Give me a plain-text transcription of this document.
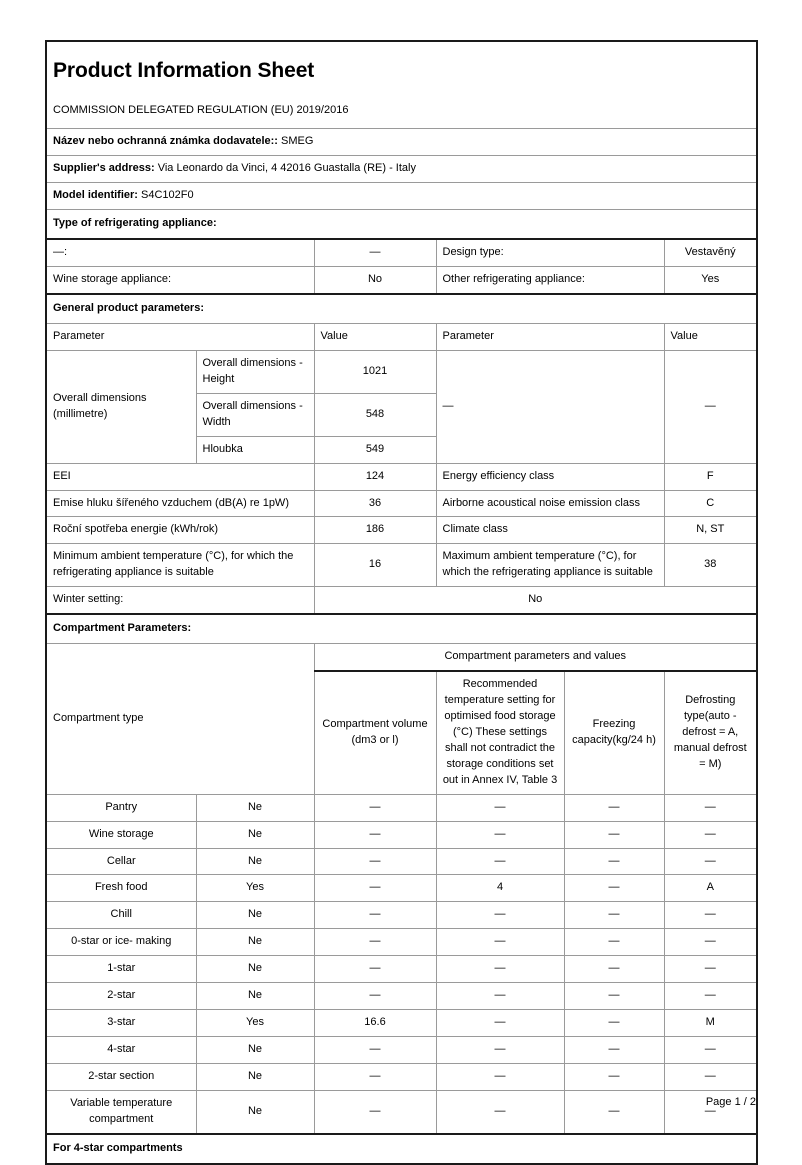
Product Information Sheet

COMMISSION DELEGATED REGULATION (EU) 2019/2016					
Název nebo ochranná známka dodavatele:: SMEG					
Supplier's address: Via Leonardo da Vinci, 4 42016 Guastalla (RE) - Italy					
Model identifier: S4C102F0					
Type of refrigerating appliance:					
—:		—	Design type:		Vestavěný
Wine storage appliance:		No	Other refrigerating appliance:		Yes
General product parameters:					
Parameter		Value	Parameter		Value
Overall dimensions (millimetre)	Overall dimensions - Height	1021	—		—
	Overall dimensions - Width	548			
	Hloubka	549			
EEI		124	Energy efficiency class		F
Emise hluku šířeného vzduchem (dB(A) re 1pW)		36	Airborne acoustical noise emission class		C
Roční spotřeba energie (kWh/rok)		186	Climate class		N, ST
Minimum ambient temperature (°C), for which the refrigerating appliance is suitable		16	Maximum ambient temperature (°C), for which the refrigerating appliance is suitable		38
Winter setting:		No			
Compartment Parameters:					
Compartment type		Compartment parameters and values			
		Compartment volume (dm3 or l)	Recommended temperature setting for optimised food storage (°C) These settings shall not contradict the storage conditions set out in Annex IV, Table 3	Freezing capacity(kg/24 h)	Defrosting type(auto - defrost = A, manual defrost = M)
Pantry	Ne	—	—	—	—
Wine storage	Ne	—	—	—	—
Cellar	Ne	—	—	—	—
Fresh food	Yes	—	4	—	A
Chill	Ne	—	—	—	—
0-star or ice- making	Ne	—	—	—	—
1-star	Ne	—	—	—	—
2-star	Ne	—	—	—	—
3-star	Yes	16.6	—	—	M
4-star	Ne	—	—	—	—
2-star section	Ne	—	—	—	—
Variable temperature compartment	Ne	—	—	—	—
For 4-star compartments					
Page 1 / 2
